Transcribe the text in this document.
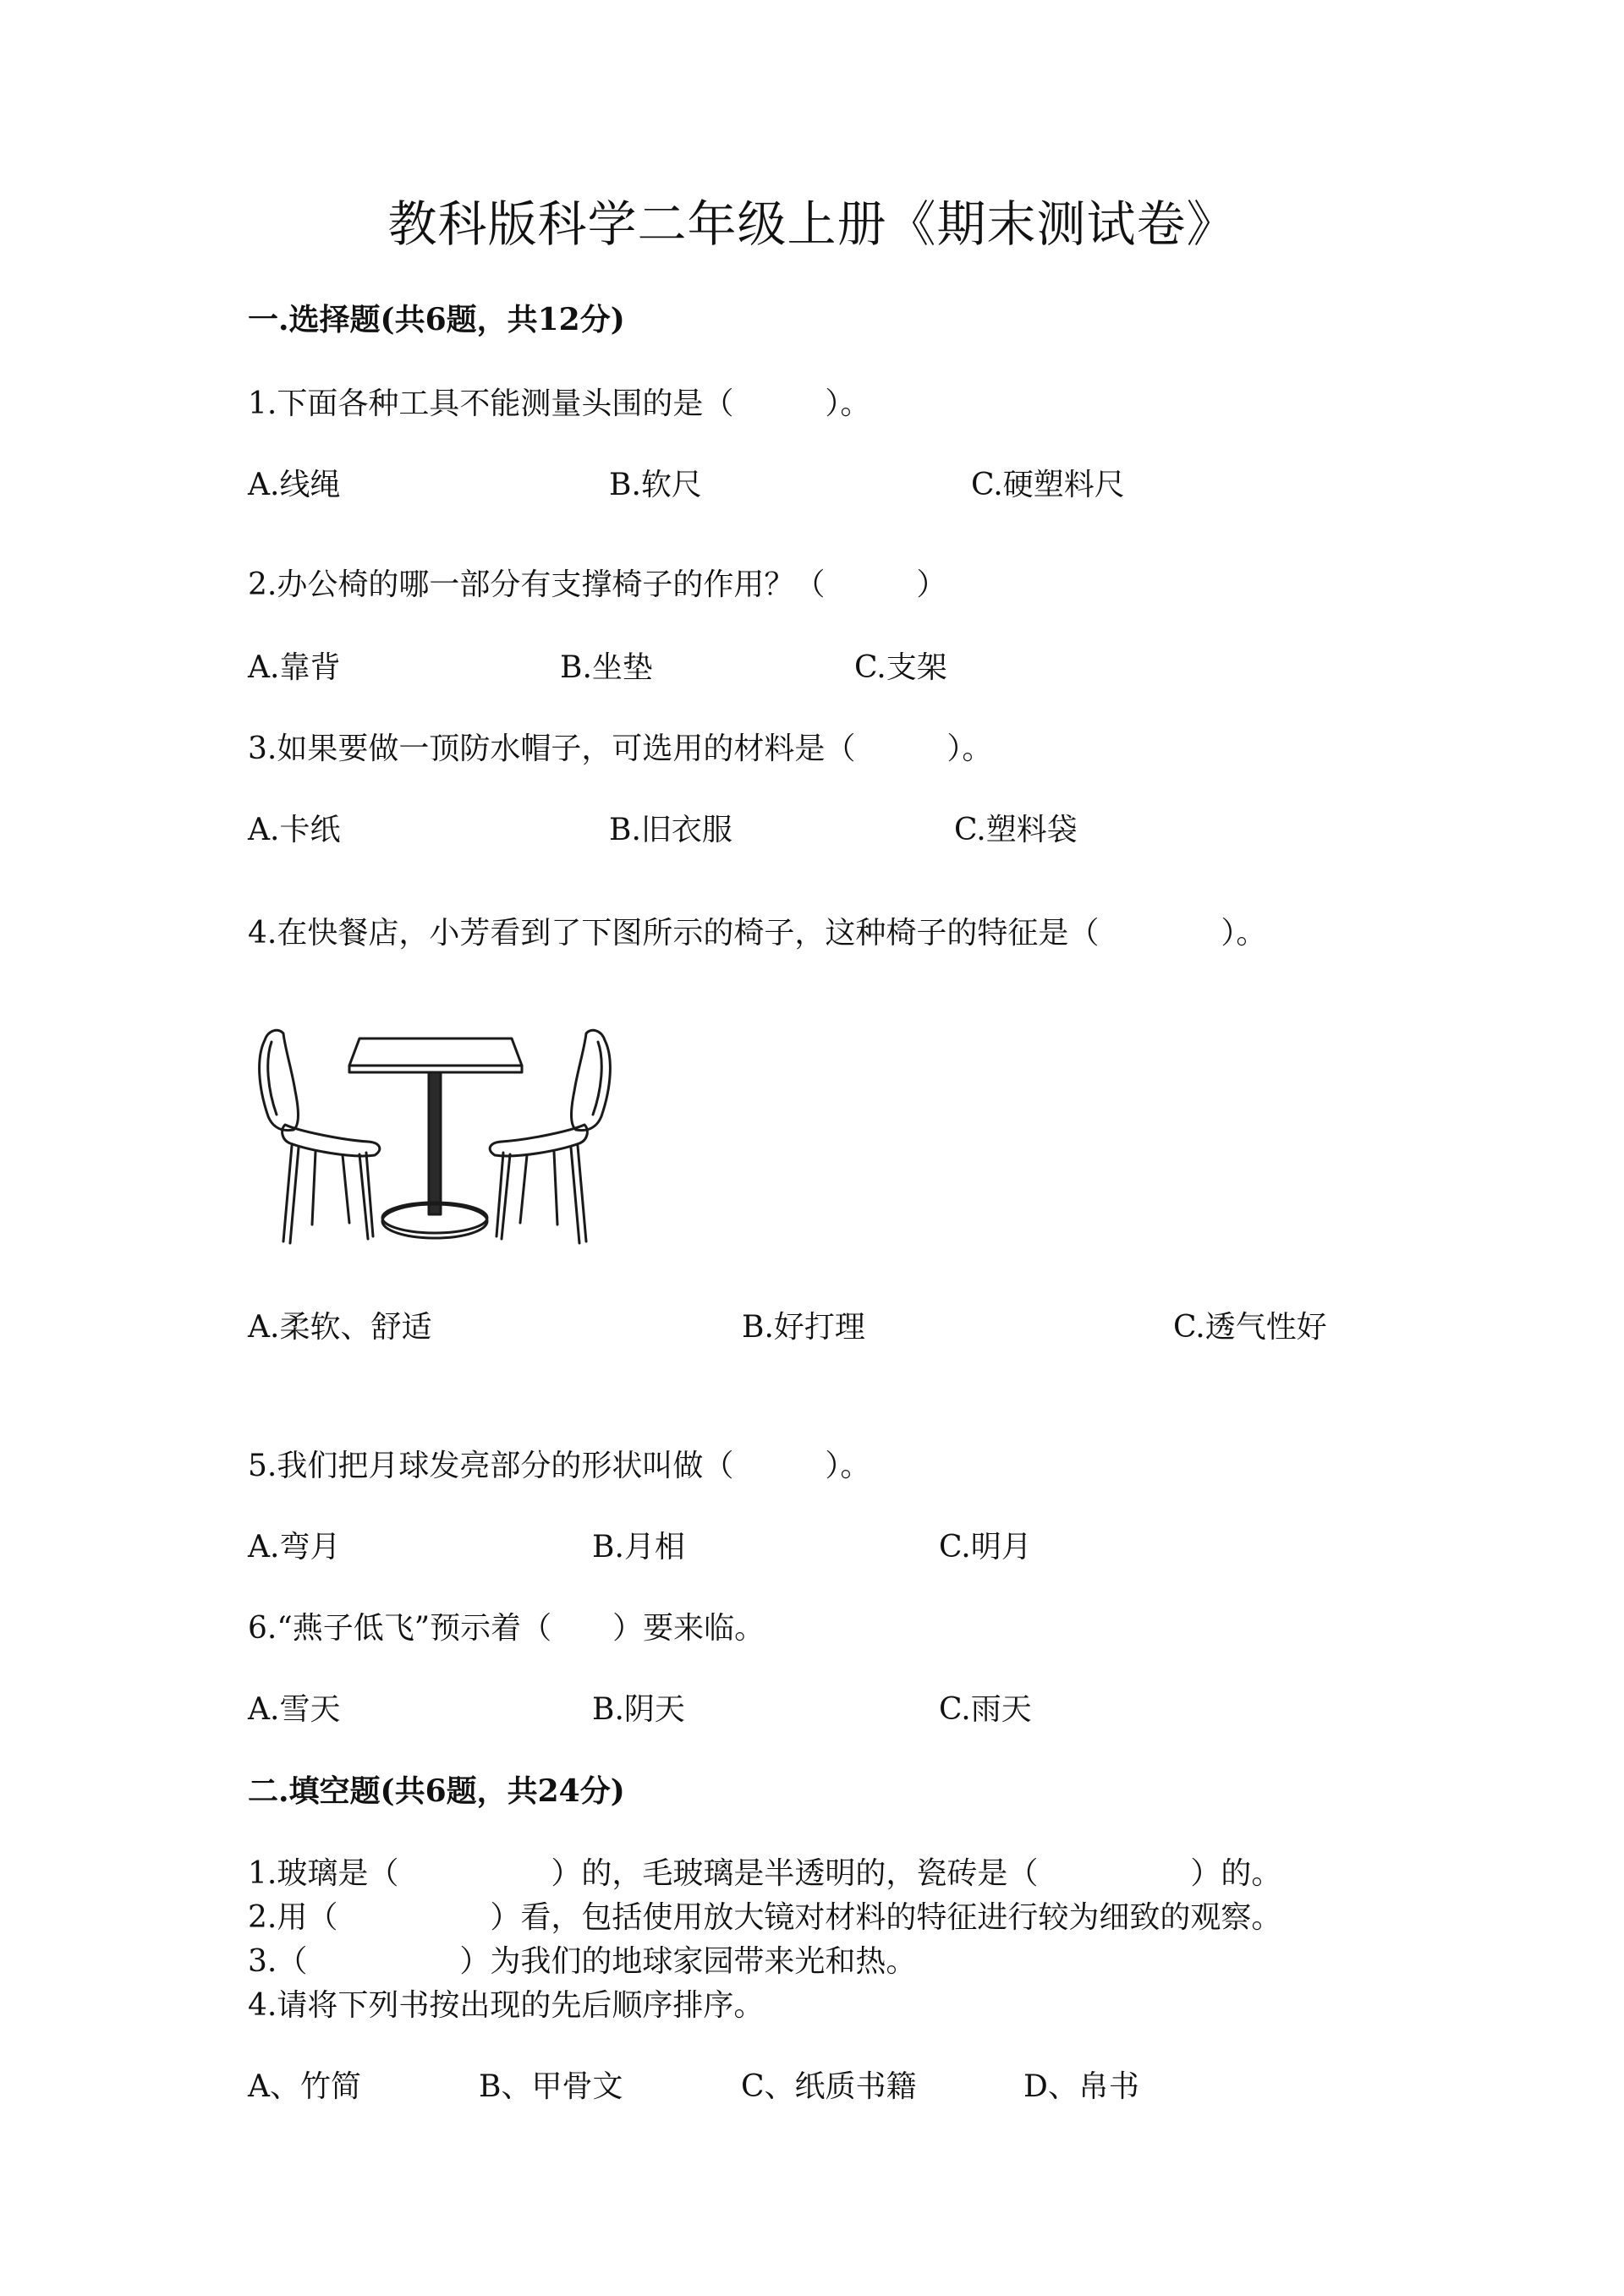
教科版科学二年级上册《期末测试卷》
一.选择题(共6题，共12分)
1.下面各种工具不能测量头围的是（　　　）。
A.线绳	B.软尺	C.硬塑料尺
2.办公椅的哪一部分有支撑椅子的作用？（　　　）
A.靠背	B.坐垫	C.支架
3.如果要做一顶防水帽子，可选用的材料是（　　　）。
A.卡纸	B.旧衣服	C.塑料袋
4.在快餐店，小芳看到了下图所示的椅子，这种椅子的特征是（　　　　）。
A.柔软、舒适	B.好打理	C.透气性好
5.我们把月球发亮部分的形状叫做（　　　）。
A.弯月	B.月相	C.明月
6.“燕子低飞”预示着（　　）要来临。
A.雪天	B.阴天	C.雨天
二.填空题(共6题，共24分)
1.玻璃是（　　　　　）的，毛玻璃是半透明的，瓷砖是（　　　　　）的。
2.用（　　　　　）看，包括使用放大镜对材料的特征进行较为细致的观察。
3.（　　　　　）为我们的地球家园带来光和热。
4.请将下列书按出现的先后顺序排序。
A、竹简	B、甲骨文	C、纸质书籍	D、帛书
